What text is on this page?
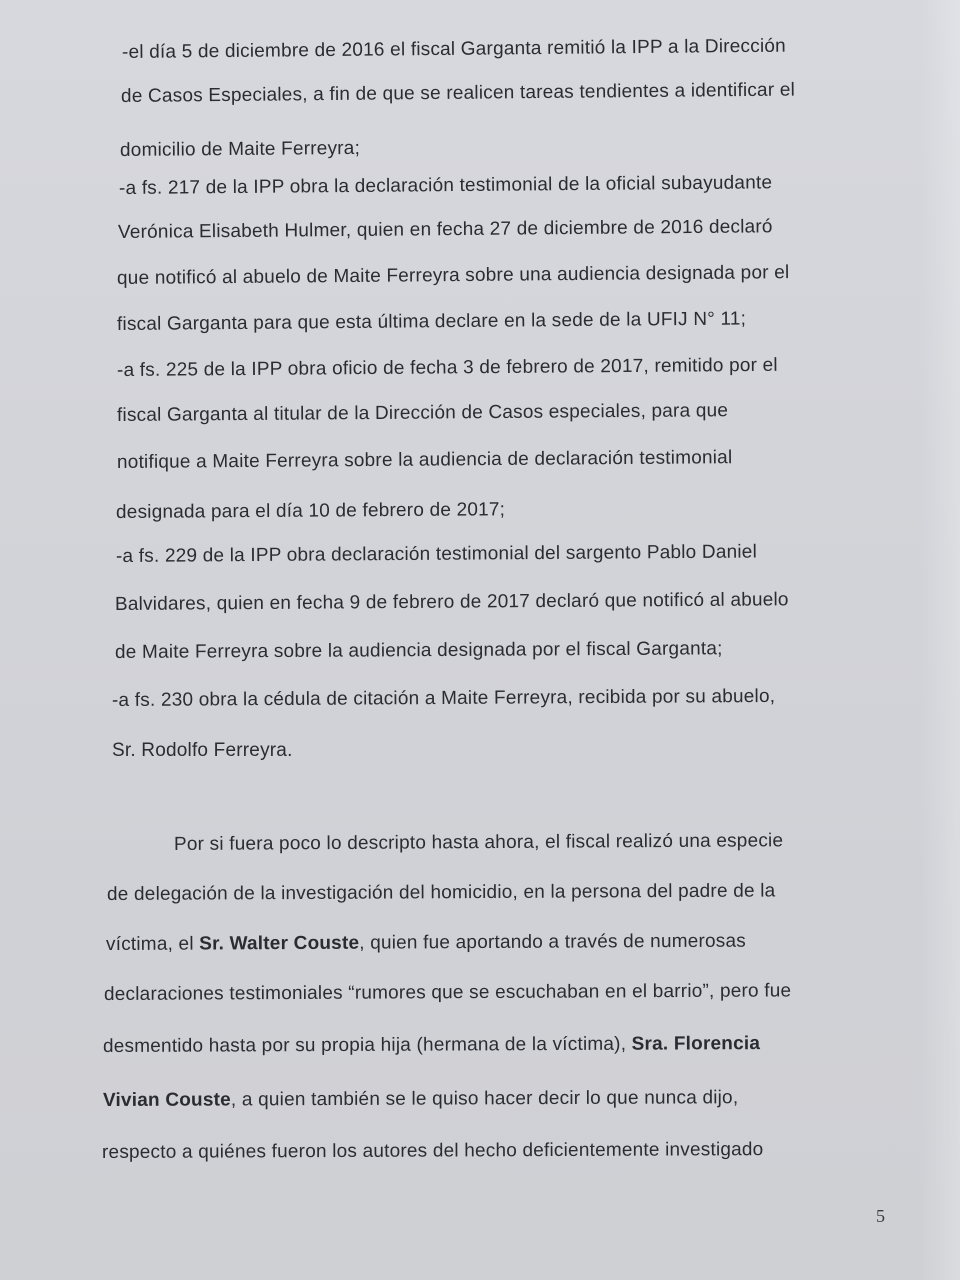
-el día 5 de diciembre de 2016 el fiscal Garganta remitió la IPP a la Dirección
de Casos Especiales, a fin de que se realicen tareas tendientes a identificar el
domicilio de Maite Ferreyra;
-a fs. 217 de la IPP obra la declaración testimonial de la oficial subayudante
Verónica Elisabeth Hulmer, quien en fecha 27 de diciembre de 2016 declaró
que notificó al abuelo de Maite Ferreyra sobre una audiencia designada por el
fiscal Garganta para que esta última declare en la sede de la UFIJ N° 11;
-a fs. 225 de la IPP obra oficio de fecha 3 de febrero de 2017, remitido por el
fiscal Garganta al titular de la Dirección de Casos especiales, para que
notifique a Maite Ferreyra sobre la audiencia de declaración testimonial
designada para el día 10 de febrero de 2017;
-a fs. 229 de la IPP obra declaración testimonial del sargento Pablo Daniel
Balvidares, quien en fecha 9 de febrero de 2017 declaró que notificó al abuelo
de Maite Ferreyra sobre la audiencia designada por el fiscal Garganta;
-a fs. 230 obra la cédula de citación a Maite Ferreyra, recibida por su abuelo,
Sr. Rodolfo Ferreyra.
Por si fuera poco lo descripto hasta ahora, el fiscal realizó una especie
de delegación de la investigación del homicidio, en la persona del padre de la
víctima, el Sr. Walter Couste, quien fue aportando a través de numerosas
declaraciones testimoniales “rumores que se escuchaban en el barrio”, pero fue
desmentido hasta por su propia hija (hermana de la víctima), Sra. Florencia
Vivian Couste, a quien también se le quiso hacer decir lo que nunca dijo,
respecto a quiénes fueron los autores del hecho deficientemente investigado
5
